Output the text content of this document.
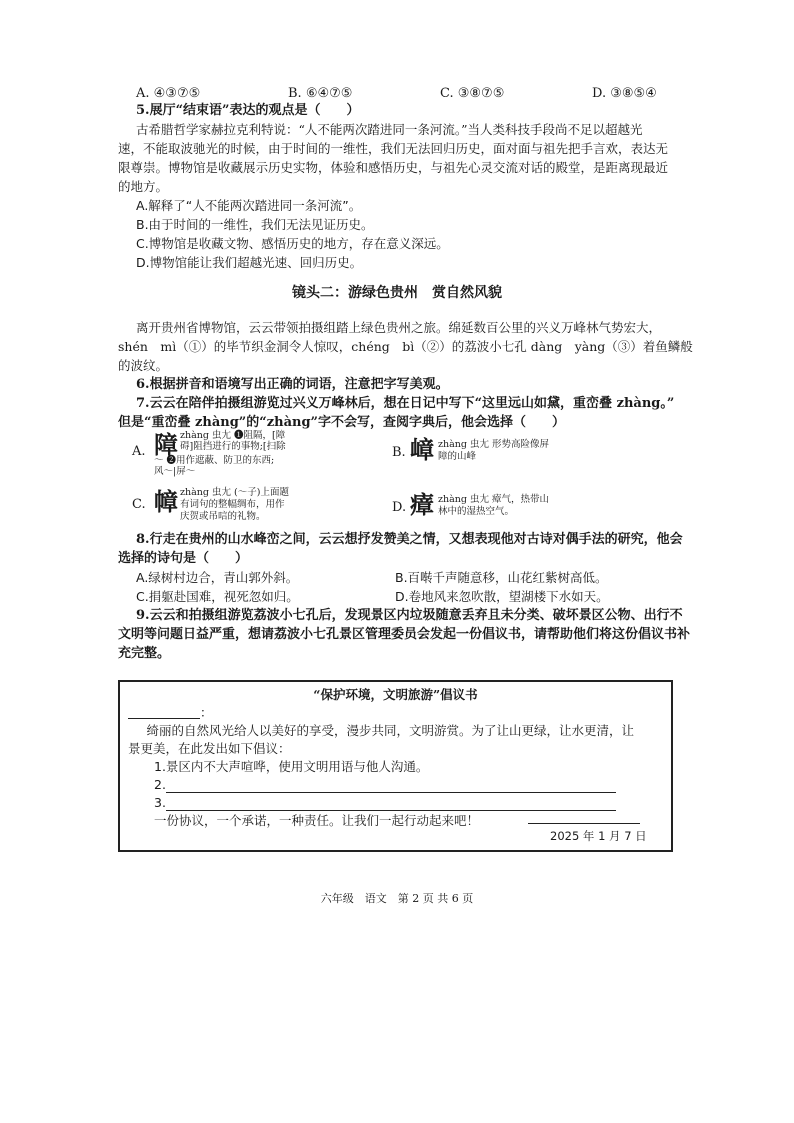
A. ④③⑦⑤	B. ⑥④⑦⑤	C. ③⑧⑦⑤	D. ③⑧⑤④
5.展厅“结束语”表达的观点是（　　）
古希腊哲学家赫拉克利特说：“人不能两次踏进同一条河流。”当人类科技手段尚不足以超越光
速，不能取波驰光的时候，由于时间的一维性，我们无法回归历史，面对面与祖先把手言欢，表达无
限尊崇。博物馆是收藏展示历史实物，体验和感悟历史，与祖先心灵交流对话的殿堂，是距离现最近
的地方。
A.解释了“人不能两次踏进同一条河流”。
B.由于时间的一维性，我们无法见证历史。
C.博物馆是收藏文物、感悟历史的地方，存在意义深远。
D.博物馆能让我们超越光速、回归历史。
镜头二：游绿色贵州　赏自然风貌
离开贵州省博物馆，云云带领拍摄组踏上绿色贵州之旅。绵延数百公里的兴义万峰林气势宏大，
shén　mì（①）的毕节织金洞令人惊叹，chéng　bì（②）的荔波小七孔 dàng　yàng（③）着鱼鳞般
的波纹。
6.根据拼音和语境写出正确的词语，注意把字写美观。
7.云云在陪伴拍摄组游览过兴义万峰林后，想在日记中写下“这里远山如黛，重峦叠 zhàng。”
但是“重峦叠 zhàng”的“zhàng”字不会写，查阅字典后，他会选择（　　）
A. 障 zhàng 虫尢 ❶阻隔，[障
碍]阻挡进行的事物;[扫除
～ ❷用作遮蔽、防卫的东西;
风～|屏～
B. 嶂 zhàng 虫尢 形势高险像屏
障的山峰
C. 幛 zhàng 虫尢 (～子)上面题
有词句的整幅绸布，用作
庆贺或吊唁的礼物。
D. 瘴 zhàng 虫尢 瘴气，热带山
林中的湿热空气。
8.行走在贵州的山水峰峦之间，云云想抒发赞美之情，又想表现他对古诗对偶手法的研究，他会
选择的诗句是（　　）
A.绿树村边合，青山郭外斜。	B.百啭千声随意移，山花红紫树高低。
C.捐躯赴国难，视死忽如归。	D.卷地风来忽吹散，望湖楼下水如天。
9.云云和拍摄组游览荔波小七孔后，发现景区内垃圾随意丢弃且未分类、破坏景区公物、出行不
文明等问题日益严重，想请荔波小七孔景区管理委员会发起一份倡议书，请帮助他们将这份倡议书补
充完整。
“保护环境，文明旅游”倡议书
：
　绮丽的自然风光给人以美好的享受，漫步共同，文明游赏。为了让山更绿，让水更清，让
景更美，在此发出如下倡议：
1.景区内不大声喧哗，使用文明用语与他人沟通。
2.
3.
一份协议，一个承诺，一种责任。让我们一起行动起来吧！
2025 年 1 月 7 日
六年级　语文　第 2 页 共 6 页
